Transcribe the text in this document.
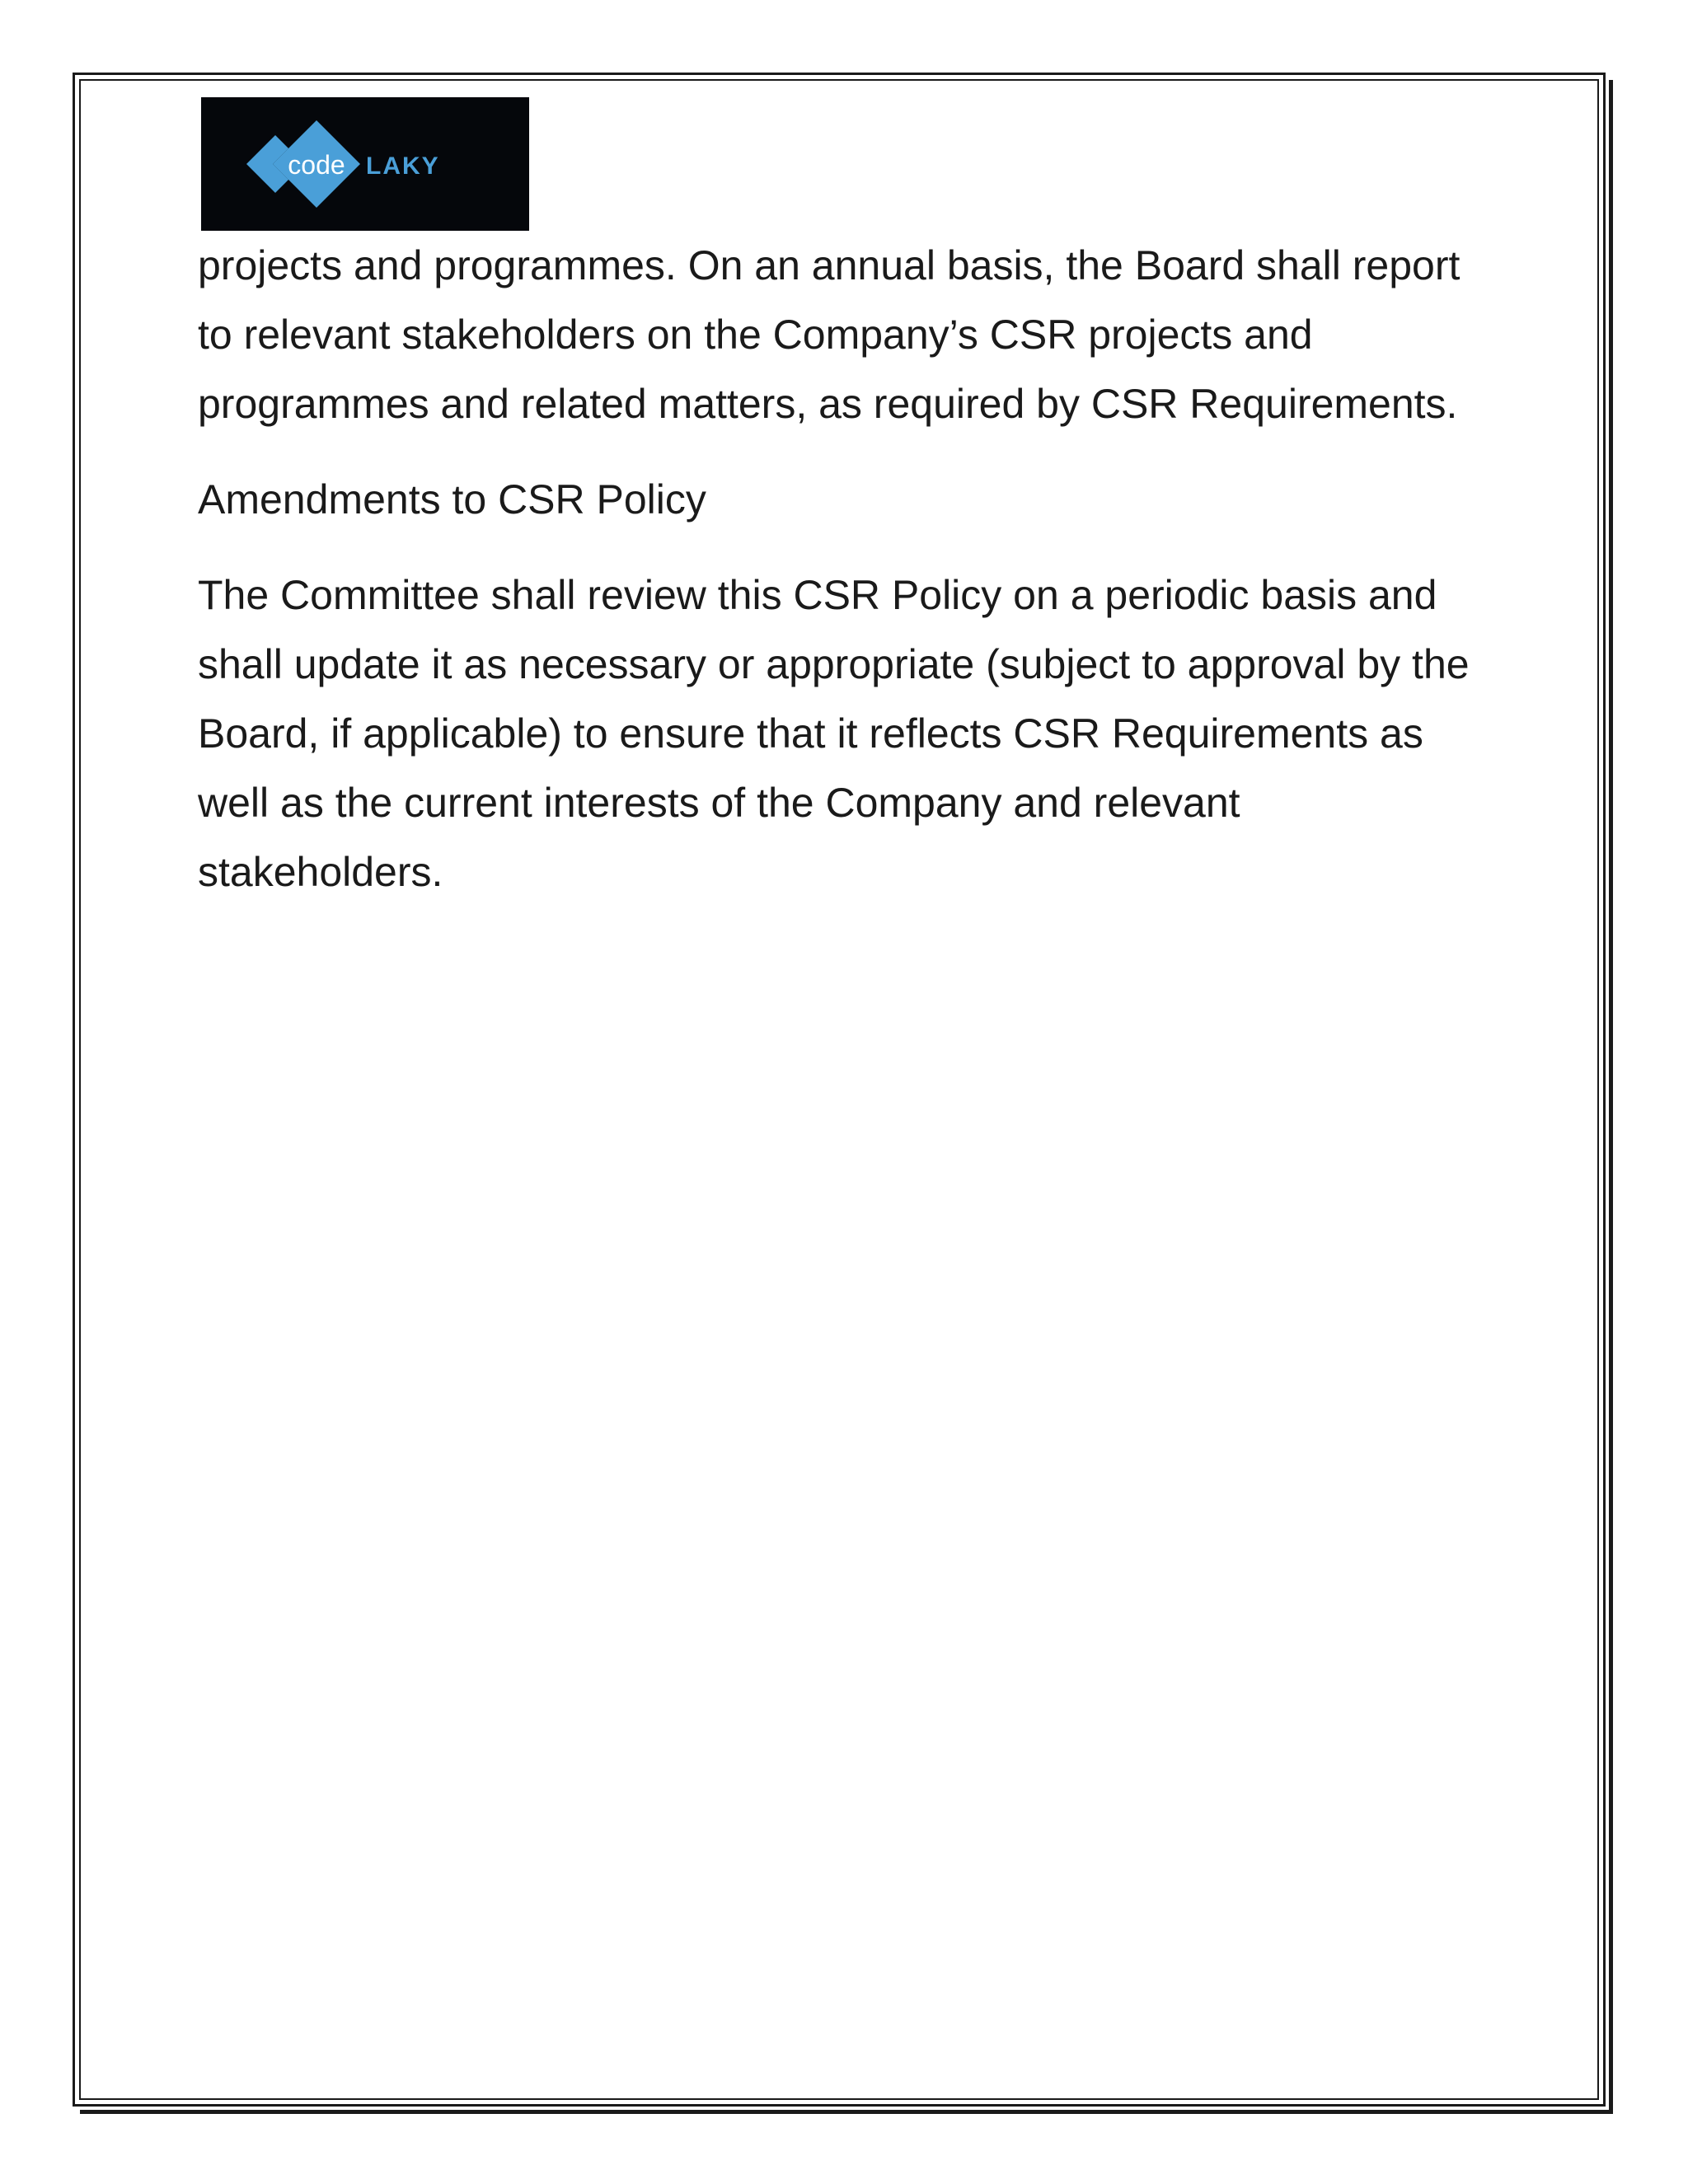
code LAKY

projects and programmes. On an annual basis, the Board shall report to relevant stakeholders on the Company’s CSR projects and programmes and related matters, as required by CSR Requirements.

Amendments to CSR Policy

The Committee shall review this CSR Policy on a periodic basis and shall update it as necessary or appropriate (subject to approval by the Board, if applicable) to ensure that it reflects CSR Requirements as well as the current interests of the Company and relevant stakeholders.
